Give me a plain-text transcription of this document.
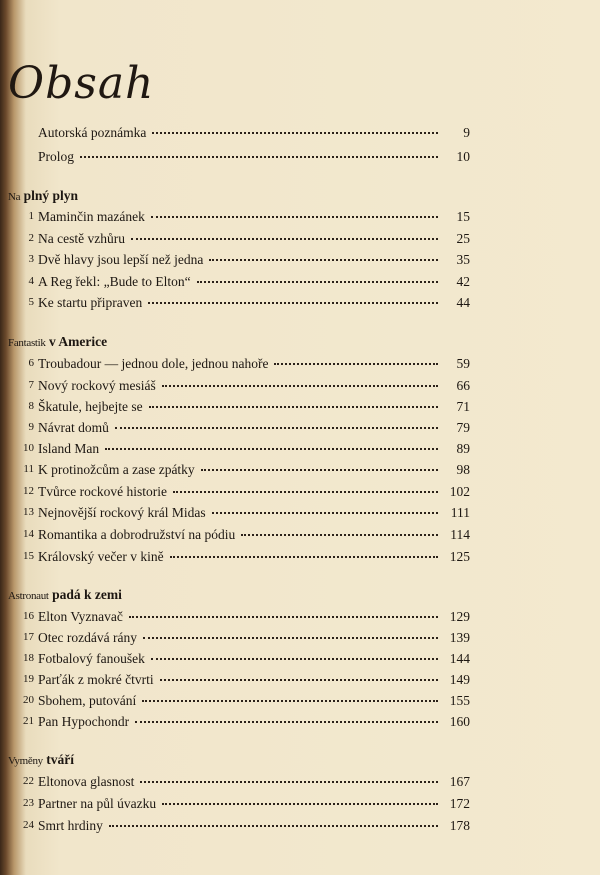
Obsah
Autorská poznámka	9
Prolog	10
Na plný plyn
1 Maminčin mazánek	15
2 Na cestě vzhůru	25
3 Dvě hlavy jsou lepší než jedna	35
4 A Reg řekl: „Bude to Elton“	42
5 Ke startu připraven	44
Fantastik v Americe
6 Troubadour — jednou dole, jednou nahoře	59
7 Nový rockový mesiáš	66
8 Škatule, hejbejte se	71
9 Návrat domů	79
10 Island Man	89
11 K protinožcům a zase zpátky	98
12 Tvůrce rockové historie	102
13 Nejnovější rockový král Midas	111
14 Romantika a dobrodružství na pódiu	114
15 Královský večer v kině	125
Astronaut padá k zemi
16 Elton Vyznavač	129
17 Otec rozdává rány	139
18 Fotbalový fanoušek	144
19 Parťák z mokré čtvrti	149
20 Sbohem, putování	155
21 Pan Hypochondr	160
Vyměny tváří
22 Eltonova glasnost	167
23 Partner na půl úvazku	172
24 Smrt hrdiny	178
